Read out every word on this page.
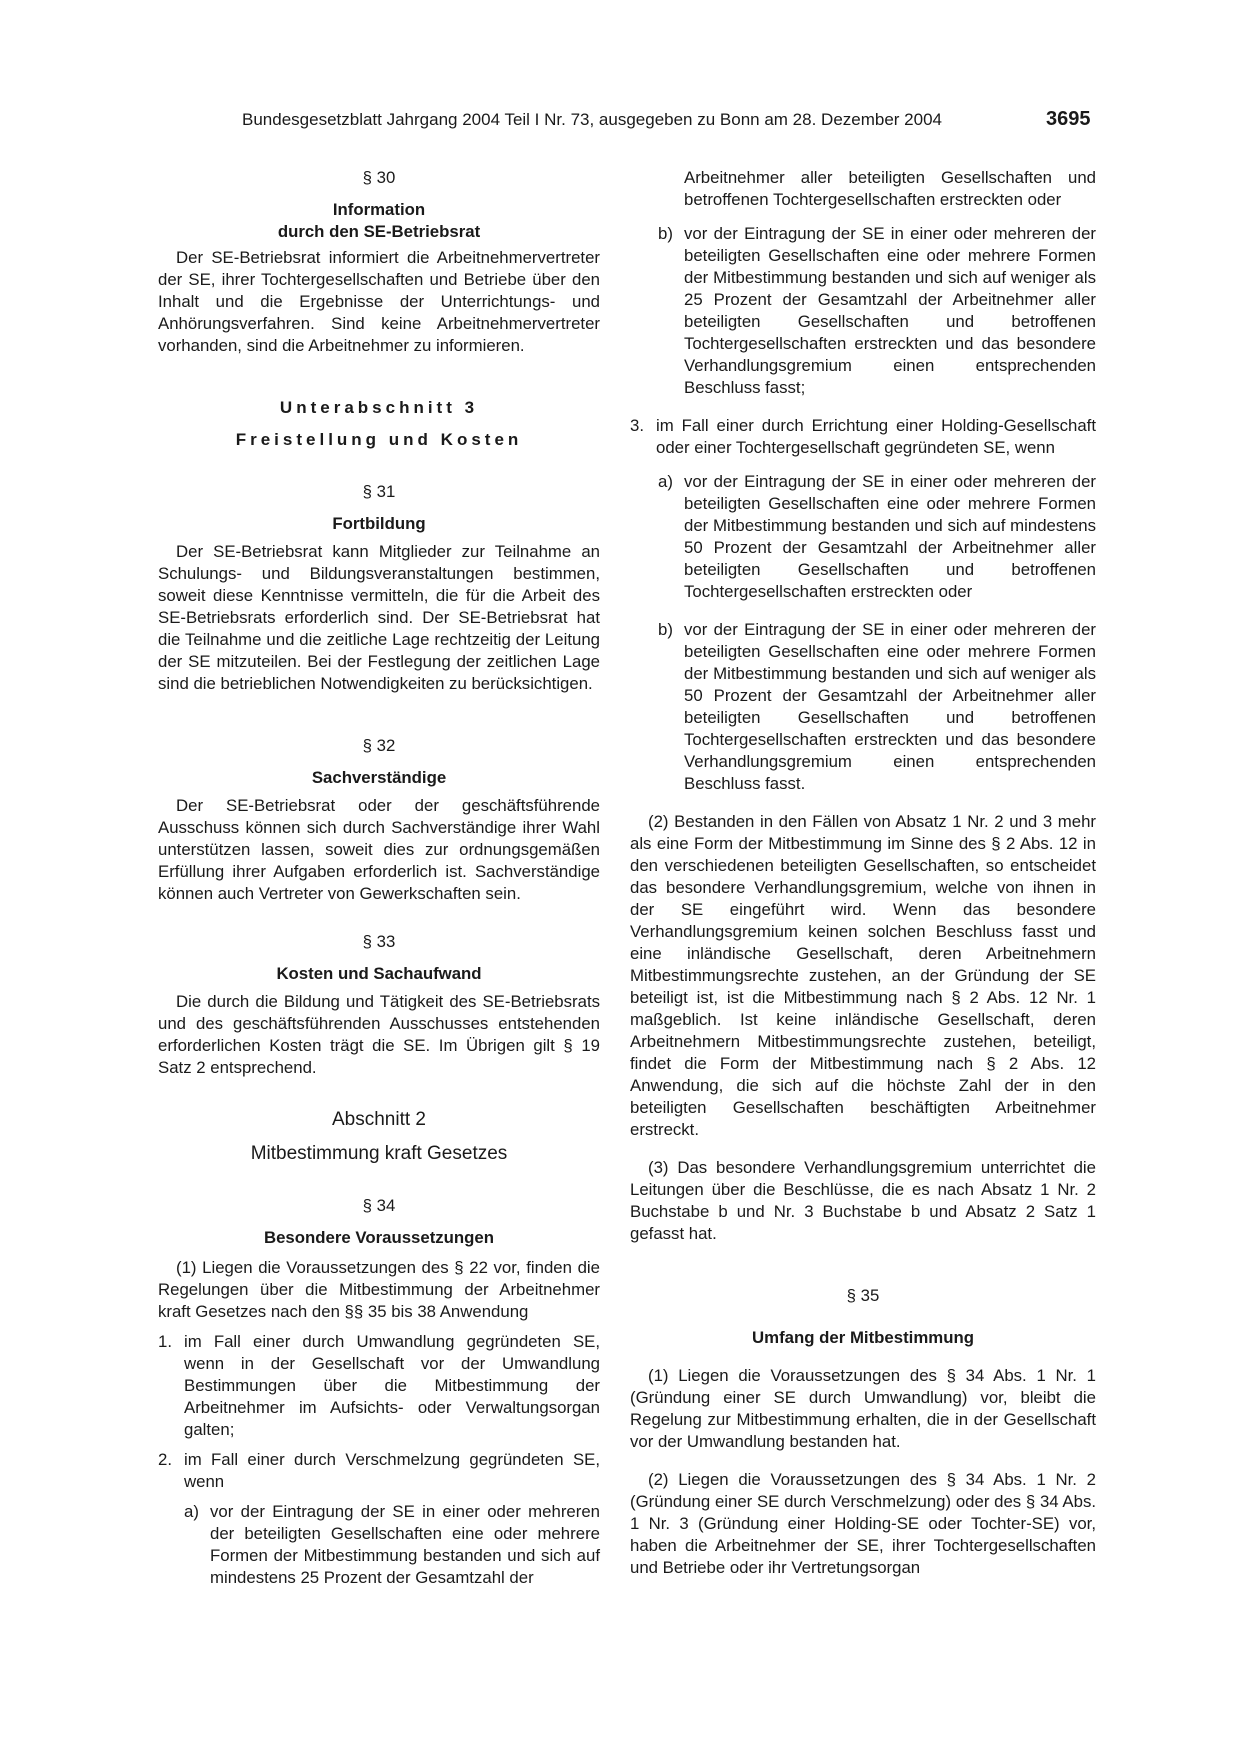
Bundesgesetzblatt Jahrgang 2004 Teil I Nr. 73, ausgegeben zu Bonn am 28. Dezember 2004	3695

§ 30

Information

durch den SE-Betriebsrat

Der SE-Betriebsrat informiert die Arbeitnehmervertreter der SE, ihrer Tochtergesellschaften und Betriebe über den Inhalt und die Ergebnisse der Unterrichtungs- und Anhörungsverfahren. Sind keine Arbeitnehmervertreter vorhanden, sind die Arbeitnehmer zu informieren.

Unterabschnitt 3

Freistellung und Kosten

§ 31

Fortbildung

Der SE-Betriebsrat kann Mitglieder zur Teilnahme an Schulungs- und Bildungsveranstaltungen bestimmen, soweit diese Kenntnisse vermitteln, die für die Arbeit des SE-Betriebsrats erforderlich sind. Der SE-Betriebsrat hat die Teilnahme und die zeitliche Lage rechtzeitig der Leitung der SE mitzuteilen. Bei der Festlegung der zeitlichen Lage sind die betrieblichen Notwendigkeiten zu berücksichtigen.

§ 32

Sachverständige

Der SE-Betriebsrat oder der geschäftsführende Ausschuss können sich durch Sachverständige ihrer Wahl unterstützen lassen, soweit dies zur ordnungsgemäßen Erfüllung ihrer Aufgaben erforderlich ist. Sachverständige können auch Vertreter von Gewerkschaften sein.

§ 33

Kosten und Sachaufwand

Die durch die Bildung und Tätigkeit des SE-Betriebsrats und des geschäftsführenden Ausschusses entstehenden erforderlichen Kosten trägt die SE. Im Übrigen gilt § 19 Satz 2 entsprechend.

Abschnitt 2

Mitbestimmung kraft Gesetzes

§ 34

Besondere Voraussetzungen

(1) Liegen die Voraussetzungen des § 22 vor, finden die Regelungen über die Mitbestimmung der Arbeitnehmer kraft Gesetzes nach den §§ 35 bis 38 Anwendung

1. im Fall einer durch Umwandlung gegründeten SE, wenn in der Gesellschaft vor der Umwandlung Bestimmungen über die Mitbestimmung der Arbeitnehmer im Aufsichts- oder Verwaltungsorgan galten;
2. im Fall einer durch Verschmelzung gegründeten SE, wenn
a) vor der Eintragung der SE in einer oder mehreren der beteiligten Gesellschaften eine oder mehrere Formen der Mitbestimmung bestanden und sich auf mindestens 25 Prozent der Gesamtzahl der
Arbeitnehmer aller beteiligten Gesellschaften und betroffenen Tochtergesellschaften erstreckten oder
b) vor der Eintragung der SE in einer oder mehreren der beteiligten Gesellschaften eine oder mehrere Formen der Mitbestimmung bestanden und sich auf weniger als 25 Prozent der Gesamtzahl der Arbeitnehmer aller beteiligten Gesellschaften und betroffenen Tochtergesellschaften erstreckten und das besondere Verhandlungsgremium einen entsprechenden Beschluss fasst;
3. im Fall einer durch Errichtung einer Holding-Gesellschaft oder einer Tochtergesellschaft gegründeten SE, wenn
a) vor der Eintragung der SE in einer oder mehreren der beteiligten Gesellschaften eine oder mehrere Formen der Mitbestimmung bestanden und sich auf mindestens 50 Prozent der Gesamtzahl der Arbeitnehmer aller beteiligten Gesellschaften und betroffenen Tochtergesellschaften erstreckten oder
b) vor der Eintragung der SE in einer oder mehreren der beteiligten Gesellschaften eine oder mehrere Formen der Mitbestimmung bestanden und sich auf weniger als 50 Prozent der Gesamtzahl der Arbeitnehmer aller beteiligten Gesellschaften und betroffenen Tochtergesellschaften erstreckten und das besondere Verhandlungsgremium einen entsprechenden Beschluss fasst.

(2) Bestanden in den Fällen von Absatz 1 Nr. 2 und 3 mehr als eine Form der Mitbestimmung im Sinne des § 2 Abs. 12 in den verschiedenen beteiligten Gesellschaften, so entscheidet das besondere Verhandlungsgremium, welche von ihnen in der SE eingeführt wird. Wenn das besondere Verhandlungsgremium keinen solchen Beschluss fasst und eine inländische Gesellschaft, deren Arbeitnehmern Mitbestimmungsrechte zustehen, an der Gründung der SE beteiligt ist, ist die Mitbestimmung nach § 2 Abs. 12 Nr. 1 maßgeblich. Ist keine inländische Gesellschaft, deren Arbeitnehmern Mitbestimmungsrechte zustehen, beteiligt, findet die Form der Mitbestimmung nach § 2 Abs. 12 Anwendung, die sich auf die höchste Zahl der in den beteiligten Gesellschaften beschäftigten Arbeitnehmer erstreckt.

(3) Das besondere Verhandlungsgremium unterrichtet die Leitungen über die Beschlüsse, die es nach Absatz 1 Nr. 2 Buchstabe b und Nr. 3 Buchstabe b und Absatz 2 Satz 1 gefasst hat.

§ 35

Umfang der Mitbestimmung

(1) Liegen die Voraussetzungen des § 34 Abs. 1 Nr. 1 (Gründung einer SE durch Umwandlung) vor, bleibt die Regelung zur Mitbestimmung erhalten, die in der Gesellschaft vor der Umwandlung bestanden hat.

(2) Liegen die Voraussetzungen des § 34 Abs. 1 Nr. 2 (Gründung einer SE durch Verschmelzung) oder des § 34 Abs. 1 Nr. 3 (Gründung einer Holding-SE oder Tochter-SE) vor, haben die Arbeitnehmer der SE, ihrer Tochtergesellschaften und Betriebe oder ihr Vertretungsorgan
